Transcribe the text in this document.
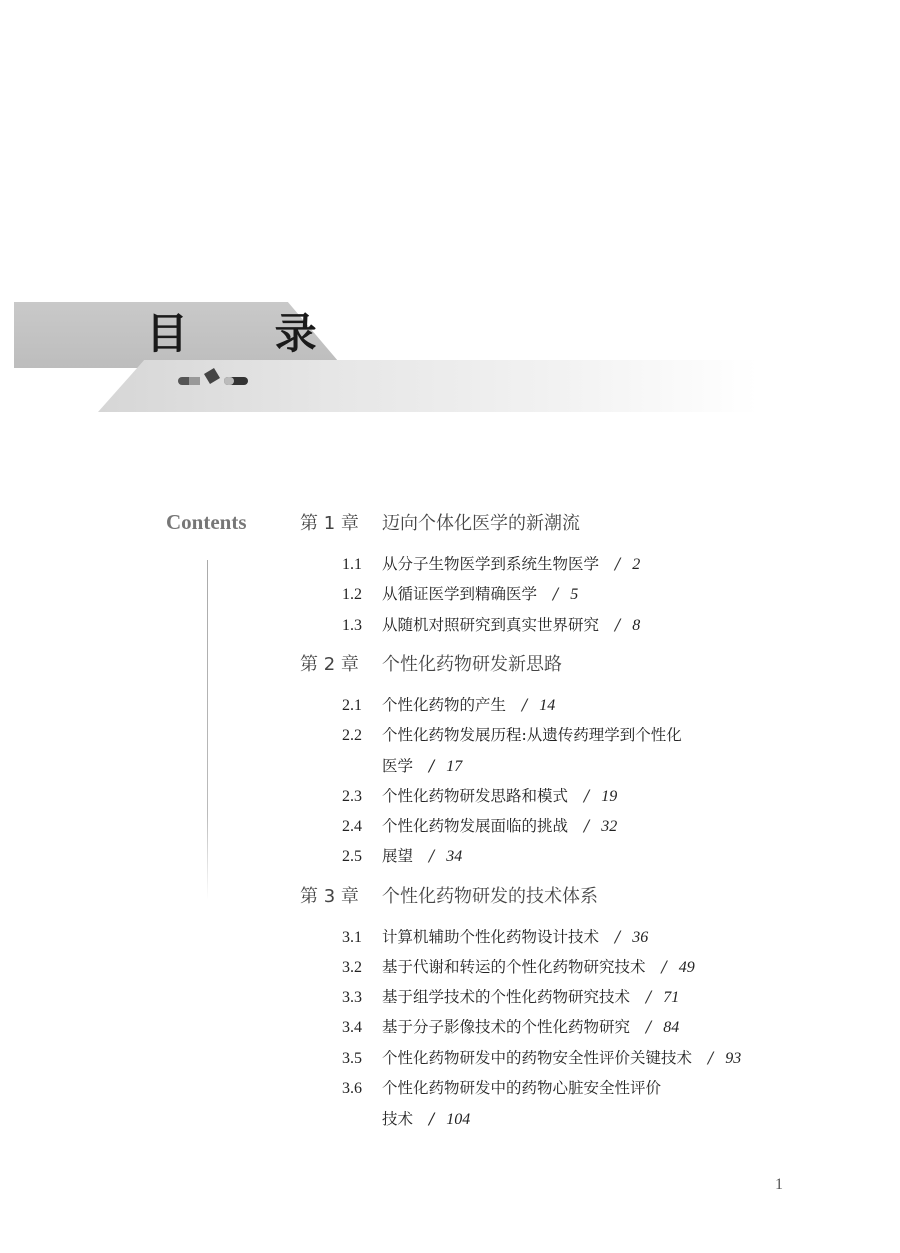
目 录
Contents	第 1 章 迈向个体化医学的新潮流
1.1 从分子生物医学到系统生物医学 / 2
1.2 从循证医学到精确医学 / 5
1.3 从随机对照研究到真实世界研究 / 8
第 2 章 个性化药物研发新思路
2.1 个性化药物的产生 / 14
2.2 个性化药物发展历程:从遗传药理学到个性化
医学 / 17
2.3 个性化药物研发思路和模式 / 19
2.4 个性化药物发展面临的挑战 / 32
2.5 展望 / 34
第 3 章 个性化药物研发的技术体系
3.1 计算机辅助个性化药物设计技术 / 36
3.2 基于代谢和转运的个性化药物研究技术 / 49
3.3 基于组学技术的个性化药物研究技术 / 71
3.4 基于分子影像技术的个性化药物研究 / 84
3.5 个性化药物研发中的药物安全性评价关键技术 / 93
3.6 个性化药物研发中的药物心脏安全性评价
技术 / 104
1
